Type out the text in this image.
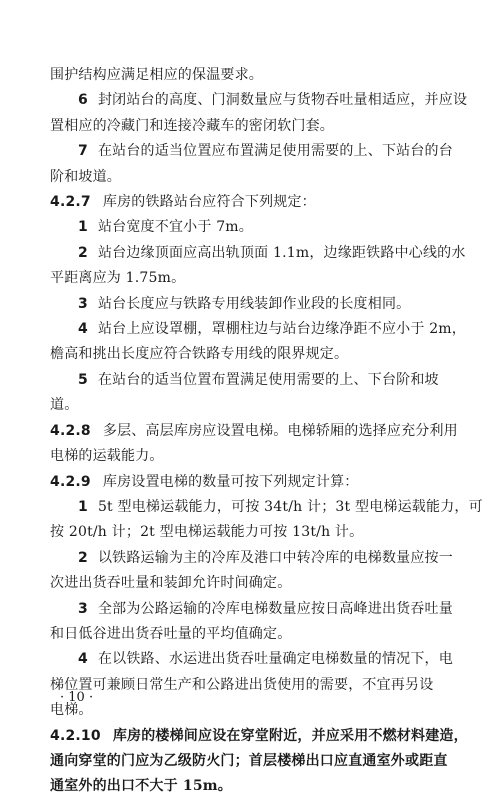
围护结构应满足相应的保温要求。
6 封闭站台的高度、门洞数量应与货物吞吐量相适应，并应设
置相应的冷藏门和连接冷藏车的密闭软门套。
7 在站台的适当位置应布置满足使用需要的上、下站台的台
阶和坡道。
4.2.7 库房的铁路站台应符合下列规定：
1 站台宽度不宜小于 7m。
2 站台边缘顶面应高出轨顶面 1.1m，边缘距铁路中心线的水
平距离应为 1.75m。
3 站台长度应与铁路专用线装卸作业段的长度相同。
4 站台上应设罩棚，罩棚柱边与站台边缘净距不应小于 2m，
檐高和挑出长度应符合铁路专用线的限界规定。
5 在站台的适当位置布置满足使用需要的上、下台阶和坡
道。
4.2.8 多层、高层库房应设置电梯。电梯轿厢的选择应充分利用
电梯的运载能力。
4.2.9 库房设置电梯的数量可按下列规定计算：
1 5t 型电梯运载能力，可按 34t/h 计；3t 型电梯运载能力，可
按 20t/h 计；2t 型电梯运载能力可按 13t/h 计。
2 以铁路运输为主的冷库及港口中转冷库的电梯数量应按一
次进出货吞吐量和装卸允许时间确定。
3 全部为公路运输的冷库电梯数量应按日高峰进出货吞吐量
和日低谷进出货吞吐量的平均值确定。
4 在以铁路、水运进出货吞吐量确定电梯数量的情况下，电
梯位置可兼顾日常生产和公路进出货使用的需要，不宜再另设
电梯。
4.2.10 库房的楼梯间应设在穿堂附近，并应采用不燃材料建造，
通向穿堂的门应为乙级防火门；首层楼梯出口应直通室外或距直
通室外的出口不大于 15m。
· 10 ·
